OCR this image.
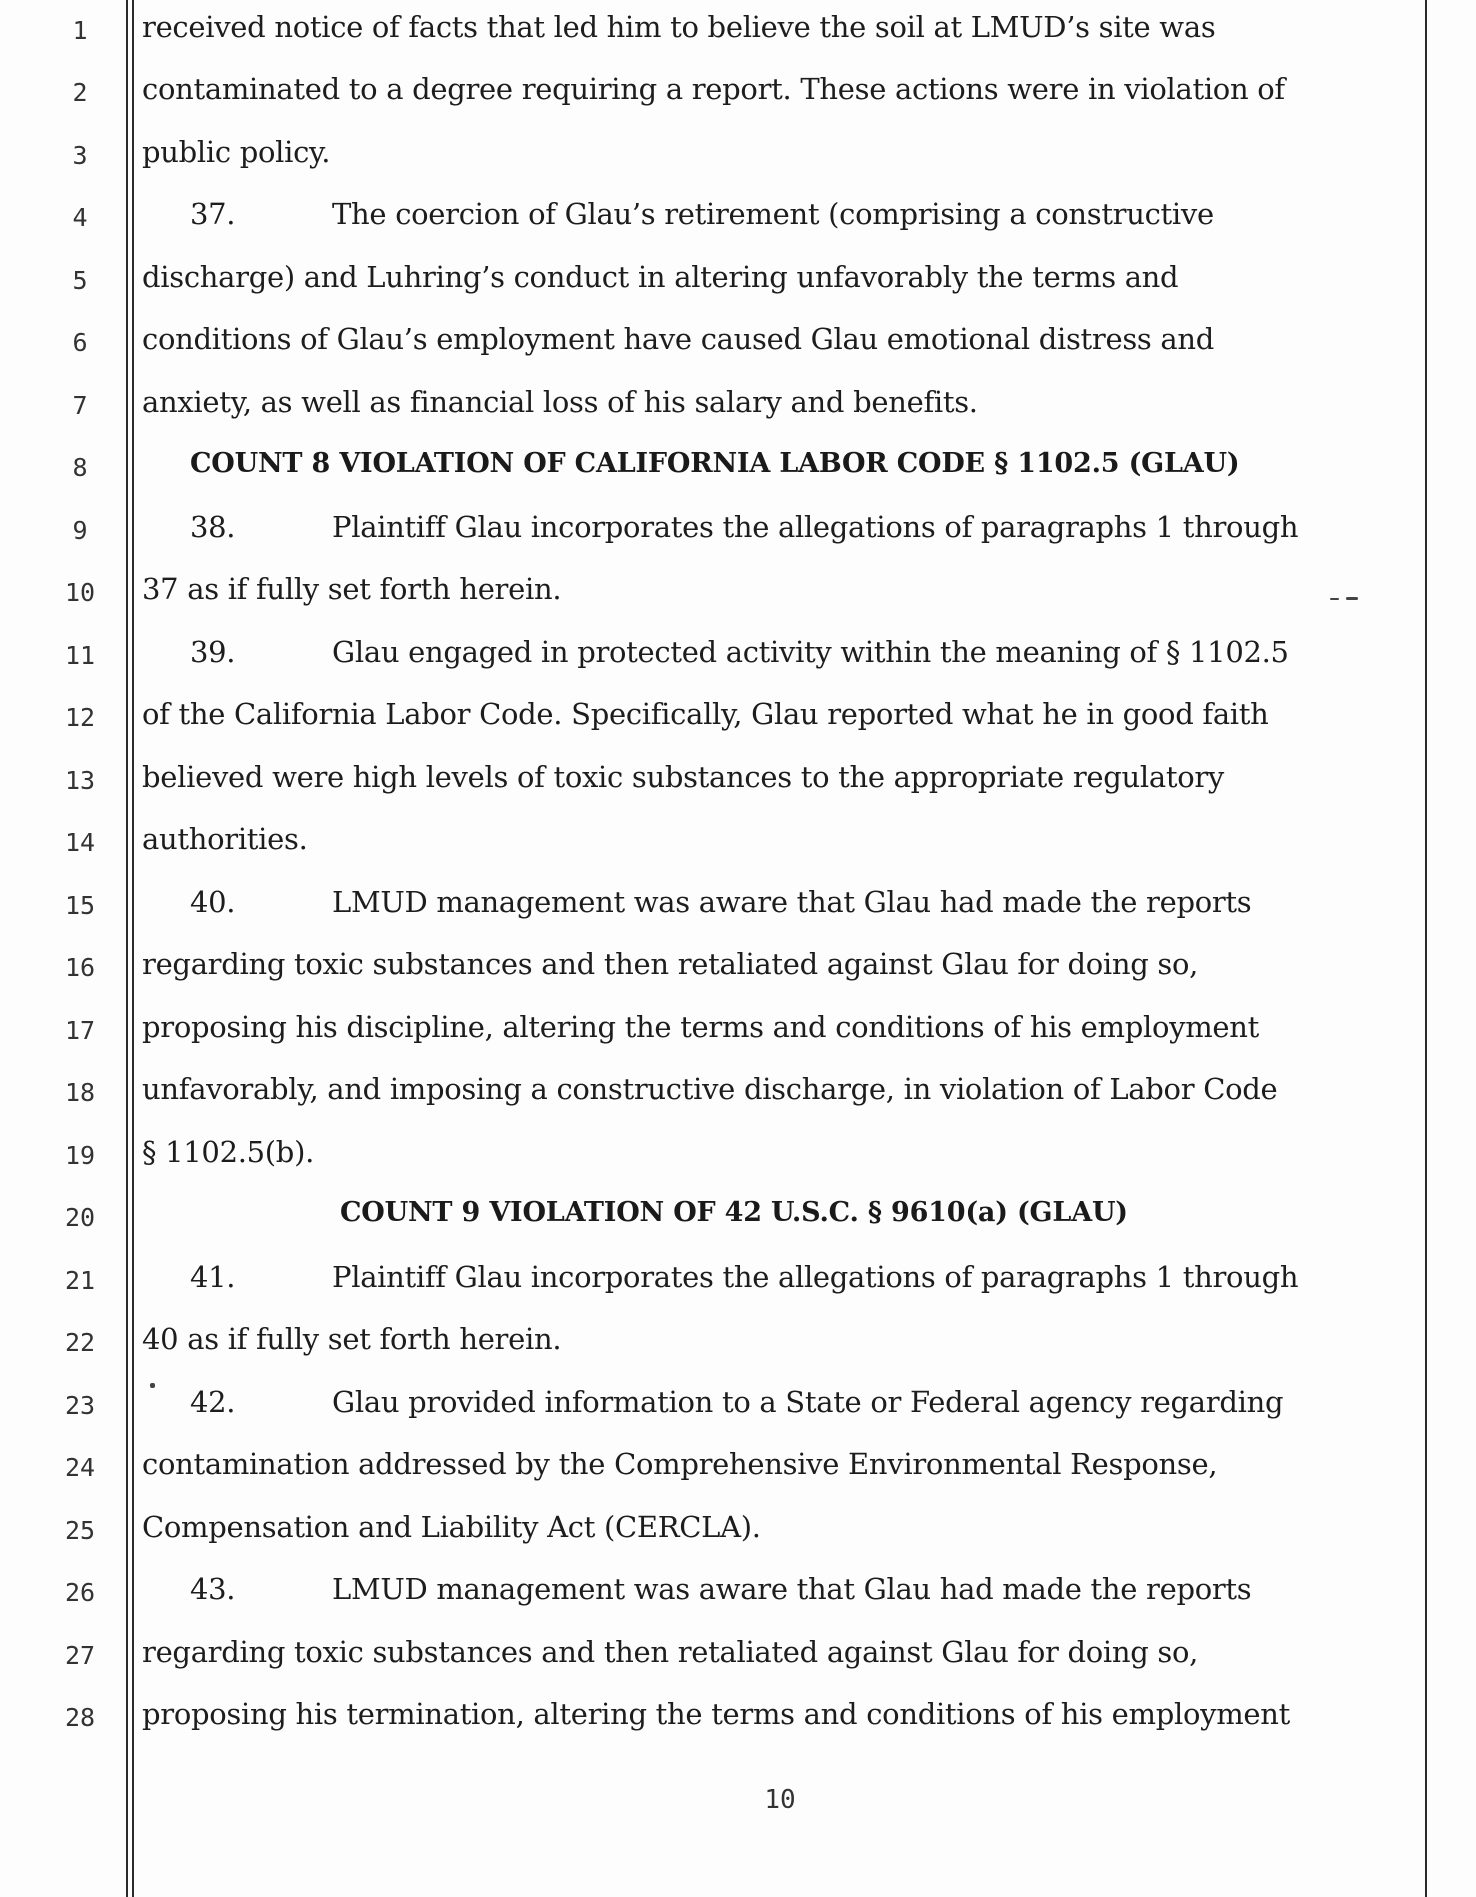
1
2
3
4
5
6
7
8
9
10
11
12
13
14
15
16
17
18
19
20
21
22
23
24
25
26
27
28
received notice of facts that led him to believe the soil at LMUD’s site was
contaminated to a degree requiring a report. These actions were in violation of
public policy.
37.	The coercion of Glau’s retirement (comprising a constructive
discharge) and Luhring’s conduct in altering unfavorably the terms and
conditions of Glau’s employment have caused Glau emotional distress and
anxiety, as well as financial loss of his salary and benefits.
COUNT 8 VIOLATION OF CALIFORNIA LABOR CODE § 1102.5 (GLAU)
38.	Plaintiff Glau incorporates the allegations of paragraphs 1 through
37 as if fully set forth herein.
39.	Glau engaged in protected activity within the meaning of § 1102.5
of the California Labor Code. Specifically, Glau reported what he in good faith
believed were high levels of toxic substances to the appropriate regulatory
authorities.
40.	LMUD management was aware that Glau had made the reports
regarding toxic substances and then retaliated against Glau for doing so,
proposing his discipline, altering the terms and conditions of his employment
unfavorably, and imposing a constructive discharge, in violation of Labor Code
§ 1102.5(b).
COUNT 9 VIOLATION OF 42 U.S.C. § 9610(a) (GLAU)
41.	Plaintiff Glau incorporates the allegations of paragraphs 1 through
40 as if fully set forth herein.
42.	Glau provided information to a State or Federal agency regarding
contamination addressed by the Comprehensive Environmental Response,
Compensation and Liability Act (CERCLA).
43.	LMUD management was aware that Glau had made the reports
regarding toxic substances and then retaliated against Glau for doing so,
proposing his termination, altering the terms and conditions of his employment
10
